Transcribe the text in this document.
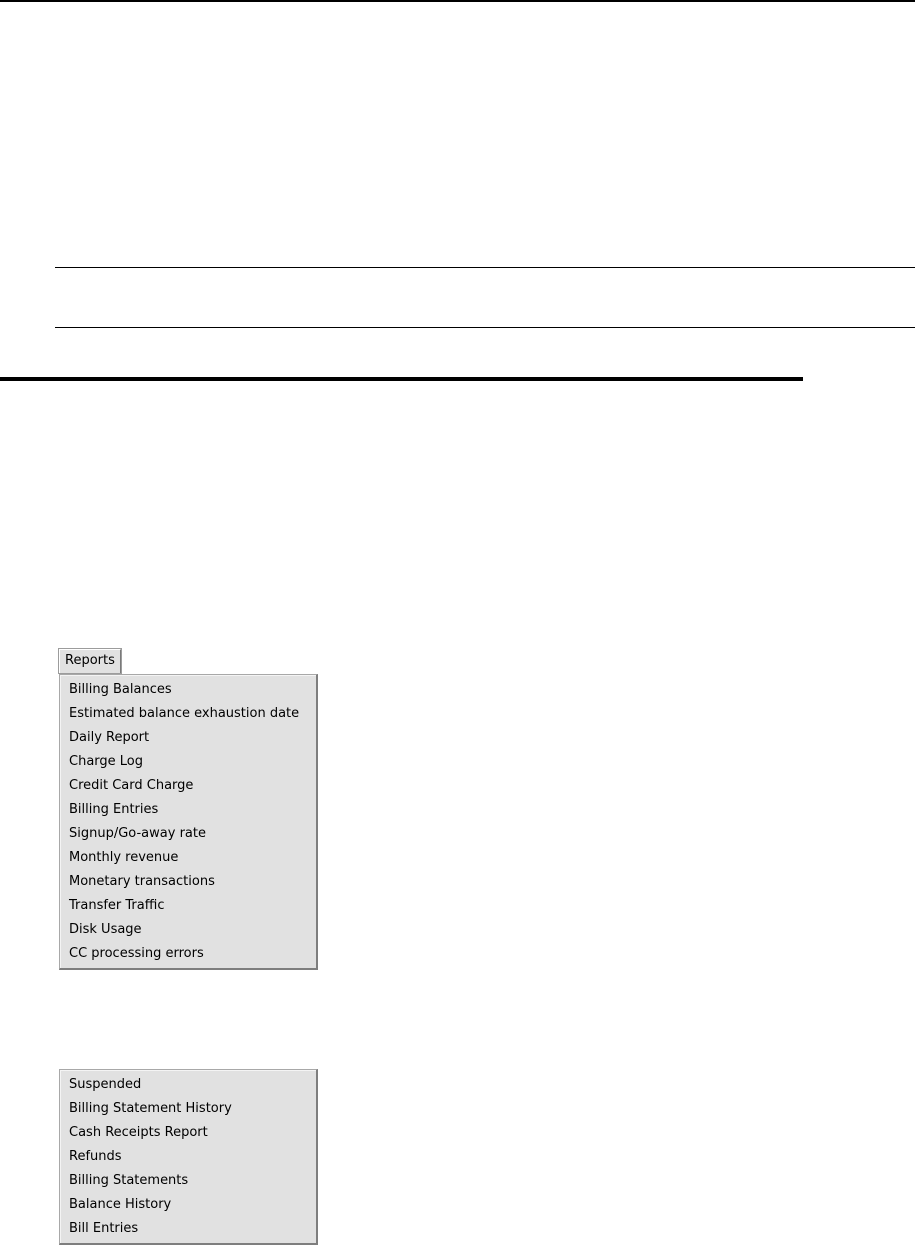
Reports
Billing Balances
Estimated balance exhaustion date
Daily Report
Charge Log
Credit Card Charge
Billing Entries
Signup/Go-away rate
Monthly revenue
Monetary transactions
Transfer Traffic
Disk Usage
CC processing errors
Suspended
Billing Statement History
Cash Receipts Report
Refunds
Billing Statements
Balance History
Bill Entries
